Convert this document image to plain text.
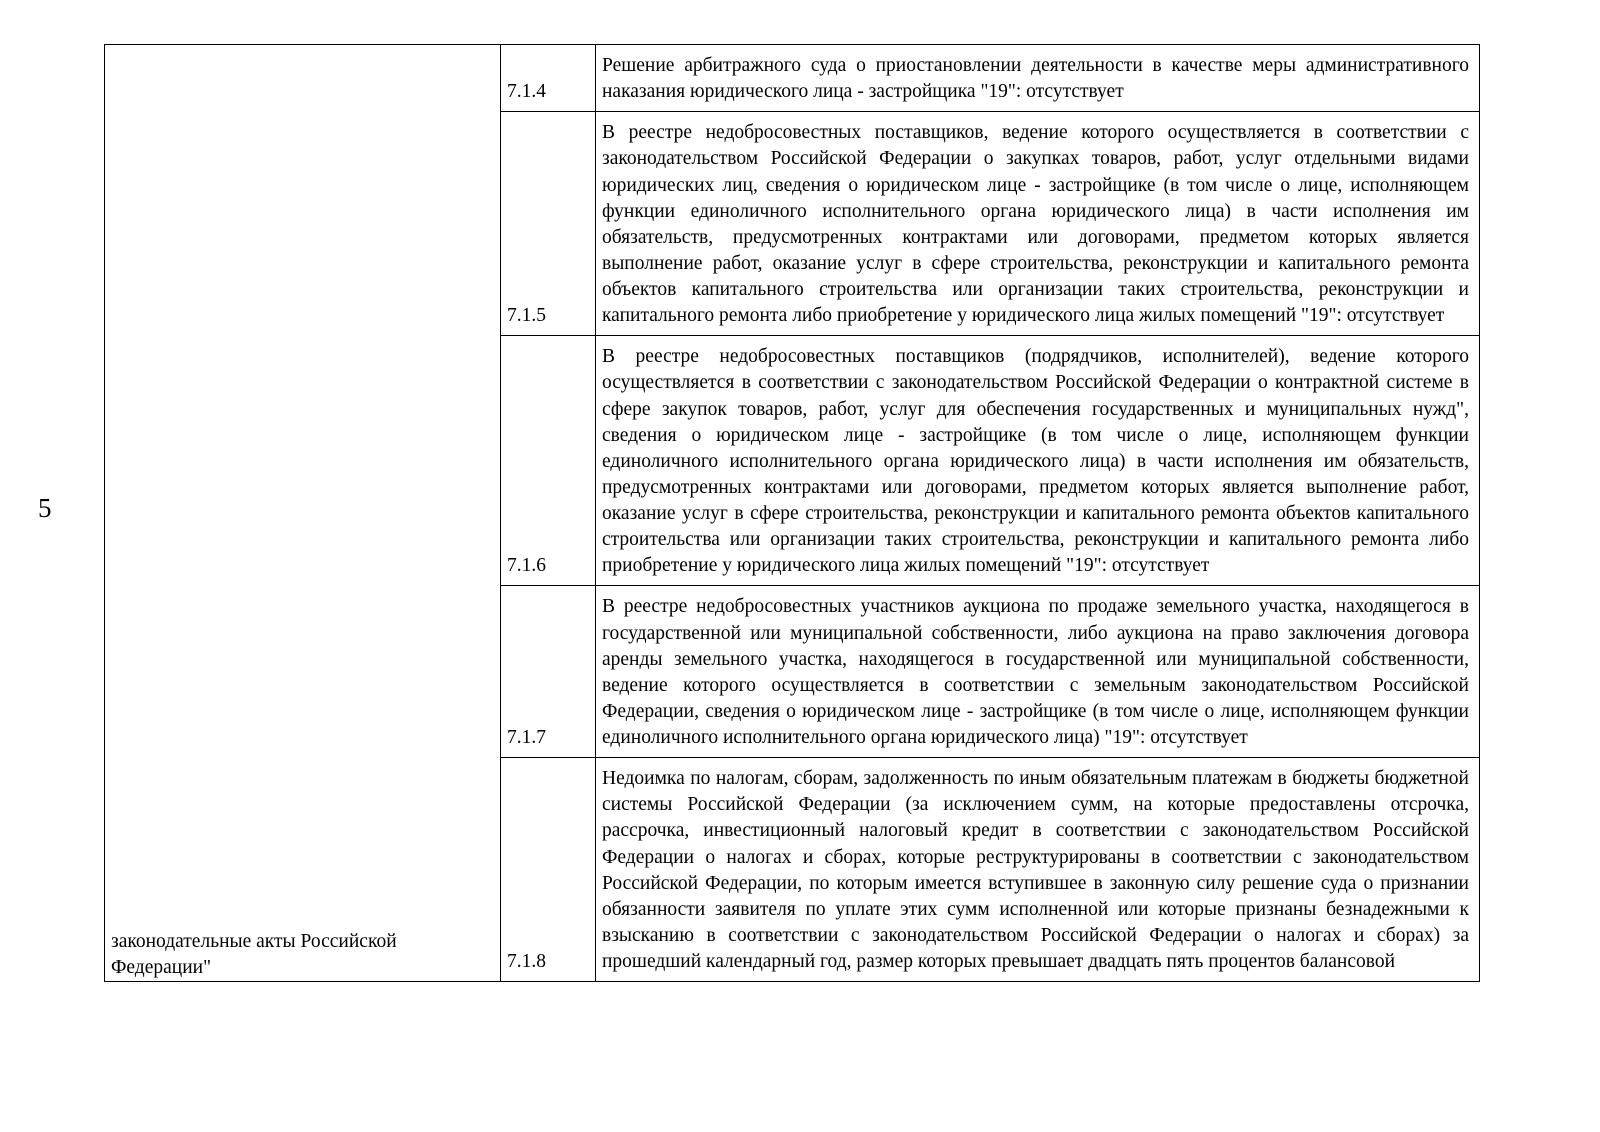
5
законодательные акты Российской Федерации"	7.1.4	Решение арбитражного суда о приостановлении деятельности в качестве меры административного наказания юридического лица - застройщика "19": отсутствует

	7.1.5	В реестре недобросовестных поставщиков, ведение которого осуществляется в соответствии с законодательством Российской Федерации о закупках товаров, работ, услуг отдельными видами юридических лиц, сведения о юридическом лице - застройщике (в том числе о лице, исполняющем функции единоличного исполнительного органа юридического лица) в части исполнения им обязательств, предусмотренных контрактами или договорами, предметом которых является выполнение работ, оказание услуг в сфере строительства, реконструкции и капитального ремонта объектов капитального строительства или организации таких строительства, реконструкции и капитального ремонта либо приобретение у юридического лица жилых помещений "19": отсутствует

	7.1.6	В реестре недобросовестных поставщиков (подрядчиков, исполнителей), ведение которого осуществляется в соответствии с законодательством Российской Федерации о контрактной системе в сфере закупок товаров, работ, услуг для обеспечения государственных и муниципальных нужд", сведения о юридическом лице - застройщике (в том числе о лице, исполняющем функции единоличного исполнительного органа юридического лица) в части исполнения им обязательств, предусмотренных контрактами или договорами, предметом которых является выполнение работ, оказание услуг в сфере строительства, реконструкции и капитального ремонта объектов капитального строительства или организации таких строительства, реконструкции и капитального ремонта либо приобретение у юридического лица жилых помещений "19": отсутствует

	7.1.7	В реестре недобросовестных участников аукциона по продаже земельного участка, находящегося в государственной или муниципальной собственности, либо аукциона на право заключения договора аренды земельного участка, находящегося в государственной или муниципальной собственности, ведение которого осуществляется в соответствии с земельным законодательством Российской Федерации, сведения о юридическом лице - застройщике (в том числе о лице, исполняющем функции единоличного исполнительного органа юридического лица) "19": отсутствует

	7.1.8	Недоимка по налогам, сборам, задолженность по иным обязательным платежам в бюджеты бюджетной системы Российской Федерации (за исключением сумм, на которые предоставлены отсрочка, рассрочка, инвестиционный налоговый кредит в соответствии с законодательством Российской Федерации о налогах и сборах, которые реструктурированы в соответствии с законодательством Российской Федерации, по которым имеется вступившее в законную силу решение суда о признании обязанности заявителя по уплате этих сумм исполненной или которые признаны безнадежными к взысканию в соответствии с законодательством Российской Федерации о налогах и сборах) за прошедший календарный год, размер которых превышает двадцать пять процентов балансовой
